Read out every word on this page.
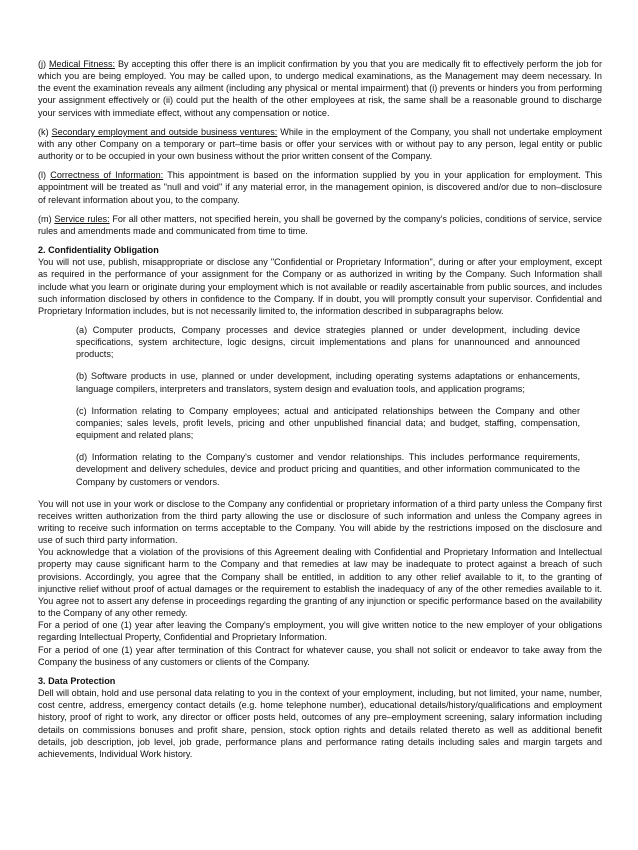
(j) Medical Fitness: By accepting this offer there is an implicit confirmation by you that you are medically fit to effectively perform the job for which you are being employed. You may be called upon, to undergo medical examinations, as the Management may deem necessary. In the event the examination reveals any ailment (including any physical or mental impairment) that (i) prevents or hinders you from performing your assignment effectively or (ii) could put the health of the other employees at risk, the same shall be a reasonable ground to discharge your services with immediate effect, without any compensation or notice.

(k) Secondary employment and outside business ventures: While in the employment of the Company, you shall not undertake employment with any other Company on a temporary or part–time basis or offer your services with or without pay to any person, legal entity or public authority or to be occupied in your own business without the prior written consent of the Company.

(l) Correctness of Information: This appointment is based on the information supplied by you in your application for employment. This appointment will be treated as "null and void" if any material error, in the management opinion, is discovered and/or due to non–disclosure of relevant information about you, to the company.

(m) Service rules: For all other matters, not specified herein, you shall be governed by the company's policies, conditions of service, service rules and amendments made and communicated from time to time.

2. Confidentiality Obligation

You will not use, publish, misappropriate or disclose any "Confidential or Proprietary Information", during or after your employment, except as required in the performance of your assignment for the Company or as authorized in writing by the Company. Such Information shall include what you learn or originate during your employment which is not available or readily ascertainable from public sources, and includes such information disclosed by others in confidence to the Company. If in doubt, you will promptly consult your supervisor. Confidential and Proprietary Information includes, but is not necessarily limited to, the information described in subparagraphs below.

(a) Computer products, Company processes and device strategies planned or under development, including device specifications, system architecture, logic designs, circuit implementations and plans for unannounced and announced products;

(b) Software products in use, planned or under development, including operating systems adaptations or enhancements, language compilers, interpreters and translators, system design and evaluation tools, and application programs;

(c) Information relating to Company employees; actual and anticipated relationships between the Company and other companies; sales levels, profit levels, pricing and other unpublished financial data; and budget, staffing, compensation, equipment and related plans;

(d) Information relating to the Company's customer and vendor relationships. This includes performance requirements, development and delivery schedules, device and product pricing and quantities, and other information communicated to the Company by customers or vendors.

You will not use in your work or disclose to the Company any confidential or proprietary information of a third party unless the Company first receives written authorization from the third party allowing the use or disclosure of such information and unless the Company agrees in writing to receive such information on terms acceptable to the Company. You will abide by the restrictions imposed on the disclosure and use of such third party information.

You acknowledge that a violation of the provisions of this Agreement dealing with Confidential and Proprietary Information and Intellectual property may cause significant harm to the Company and that remedies at law may be inadequate to protect against a breach of such provisions. Accordingly, you agree that the Company shall be entitled, in addition to any other relief available to it, to the granting of injunctive relief without proof of actual damages or the requirement to establish the inadequacy of any of the other remedies available to it. You agree not to assert any defense in proceedings regarding the granting of any injunction or specific performance based on the availability to the Company of any other remedy.

For a period of one (1) year after leaving the Company's employment, you will give written notice to the new employer of your obligations regarding Intellectual Property, Confidential and Proprietary Information.

For a period of one (1) year after termination of this Contract for whatever cause, you shall not solicit or endeavor to take away from the Company the business of any customers or clients of the Company.

3. Data Protection

Dell will obtain, hold and use personal data relating to you in the context of your employment, including, but not limited, your name, number, cost centre, address, emergency contact details (e.g. home telephone number), educational details/history/qualifications and employment history, proof of right to work, any director or officer posts held, outcomes of any pre–employment screening, salary information including details on commissions bonuses and profit share, pension, stock option rights and details related thereto as well as additional benefit details, job description, job level, job grade, performance plans and performance rating details including sales and margin targets and achievements, Individual Work history.
